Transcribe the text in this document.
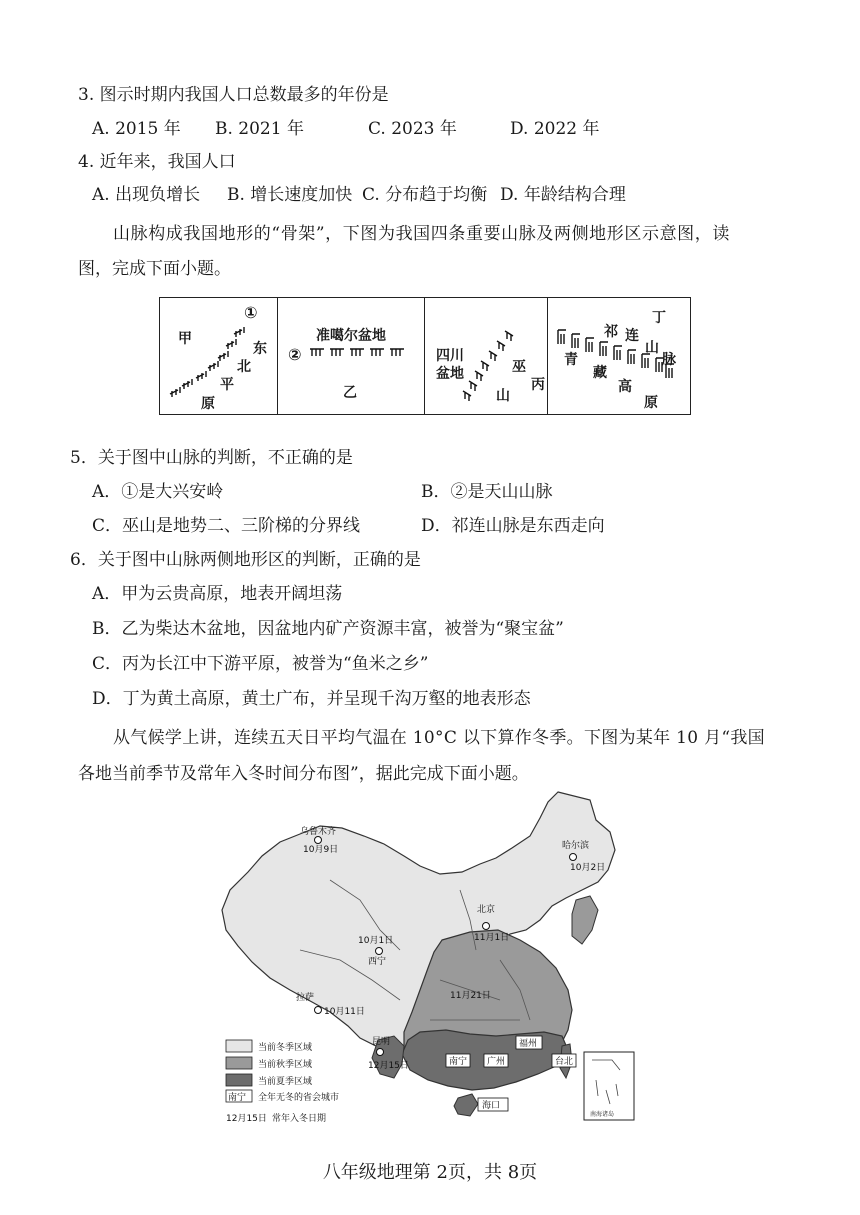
3. 图示时期内我国人口总数最多的年份是
A. 2015 年 B. 2021 年	C. 2023 年	D. 2022 年
4. 近年来，我国人口
A. 出现负增长 B. 增长速度加快 C. 分布趋于均衡 D. 年龄结构合理
山脉构成我国地形的“骨架”，下图为我国四条重要山脉及两侧地形区示意图，读
图，完成下面小题。
①
甲
东
北
平
原
准噶尔盆地
②
乙
四川
盆地	巫
山
丙
丁
祁 连
山
脉
青
藏
高
原
5．关于图中山脉的判断，不正确的是
A．①是大兴安岭	B．②是天山山脉
C．巫山是地势二、三阶梯的分界线	D．祁连山脉是东西走向
6．关于图中山脉两侧地形区的判断，正确的是
A．甲为云贵高原，地表开阔坦荡
B．乙为柴达木盆地，因盆地内矿产资源丰富，被誉为“聚宝盆”
C．丙为长江中下游平原，被誉为“鱼米之乡”
D．丁为黄土高原，黄土广布，并呈现千沟万壑的地表形态
从气候学上讲，连续五天日平均气温在 10°C 以下算作冬季。下图为某年 10 月“我国
各地当前季节及常年入冬时间分布图”，据此完成下面小题。
南海诸岛
乌鲁木齐
10月9日	哈尔滨
10月2日
北京
11月1日
10月1日
西宁
拉萨
10月11日
11月21日
昆明
12月15日	南宁 广州
福州
台北
海口
当前冬季区域
当前秋季区域
当前夏季区域
南宁 全年无冬的省会城市
12月15日 常年入冬日期
八年级地理第 2页，共 8页
